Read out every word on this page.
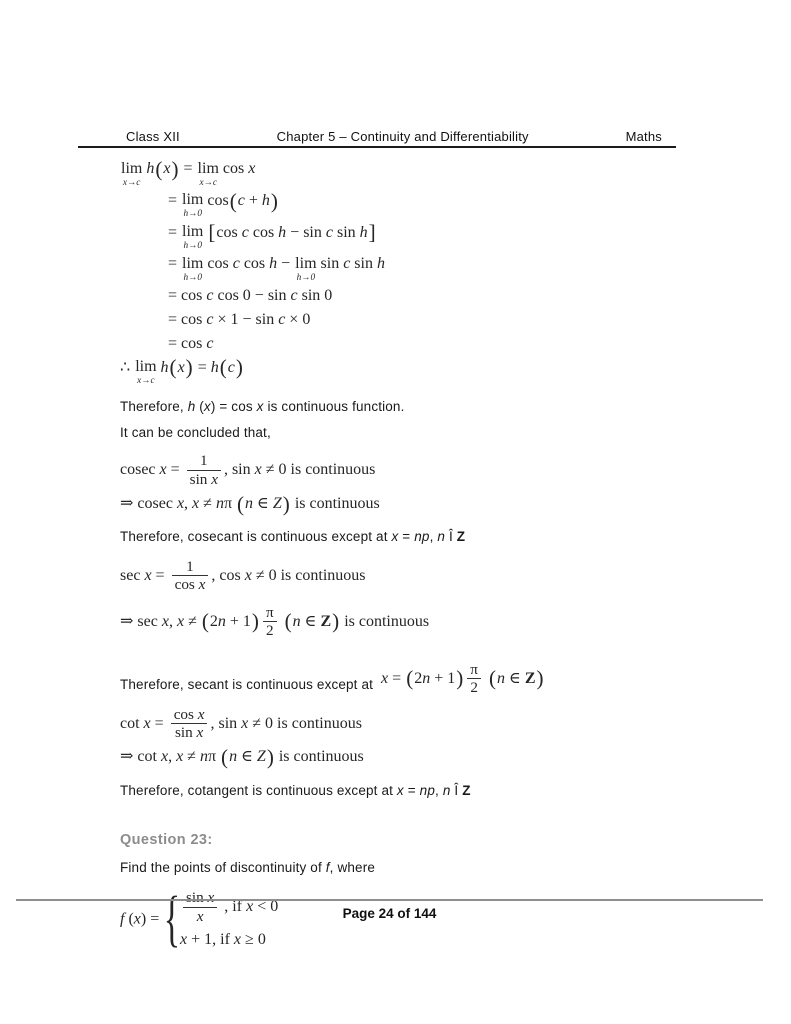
Class XII	Chapter 5 – Continuity and Differentiability	Maths
lim
x→c
h(x) = lim
x→c
cos x
= lim
h→0
cos(c + h)
= lim
h→0
[cos c cos h − sin c sin h]
= lim
h→0
cos c cos h − lim
h→0
sin c sin h
= cos c cos 0 − sin c sin 0
= cos c × 1 − sin c × 0
= cos c
∴ lim
x→c
h(x) = h(c)

Therefore, h (x) = cos x is continuous function.

It can be concluded that,

cosec $x = \frac{1}{\text{sin x}}$ , sin x ≠ 0 is continuous
⇒ cosec x, x ≠ nπ (n ∈ Z) is continuous

Therefore, cosecant is continuous except at x = np, n Î Z

$\sec x = \frac{1}{\text{cos x}}$ , cos x ≠ 0 is continuous
⇒ sec x, $x \ne (2n + 1) \frac{\pi}{2} (n$ ∈ Z) is continuous

Therefore, secant is continuous except at $x = (2n + 1) \frac{\pi}{2} (n$ ∈ Z)
$\cot x = \frac{\text{cos x}}{\text{sin x}}$ , sin x ≠ 0 is continuous
⇒ cot x, x ≠ nπ (n ∈ Z) is continuous

Therefore, cotangent is continuous except at x = np, n Î Z

Question 23:

Find the points of discontinuity of f, where

f (x) = { $\frac{\text{sin x}}{x}$ , if x < 0
x + 1, if x ≥ 0
Page 24 of 144
